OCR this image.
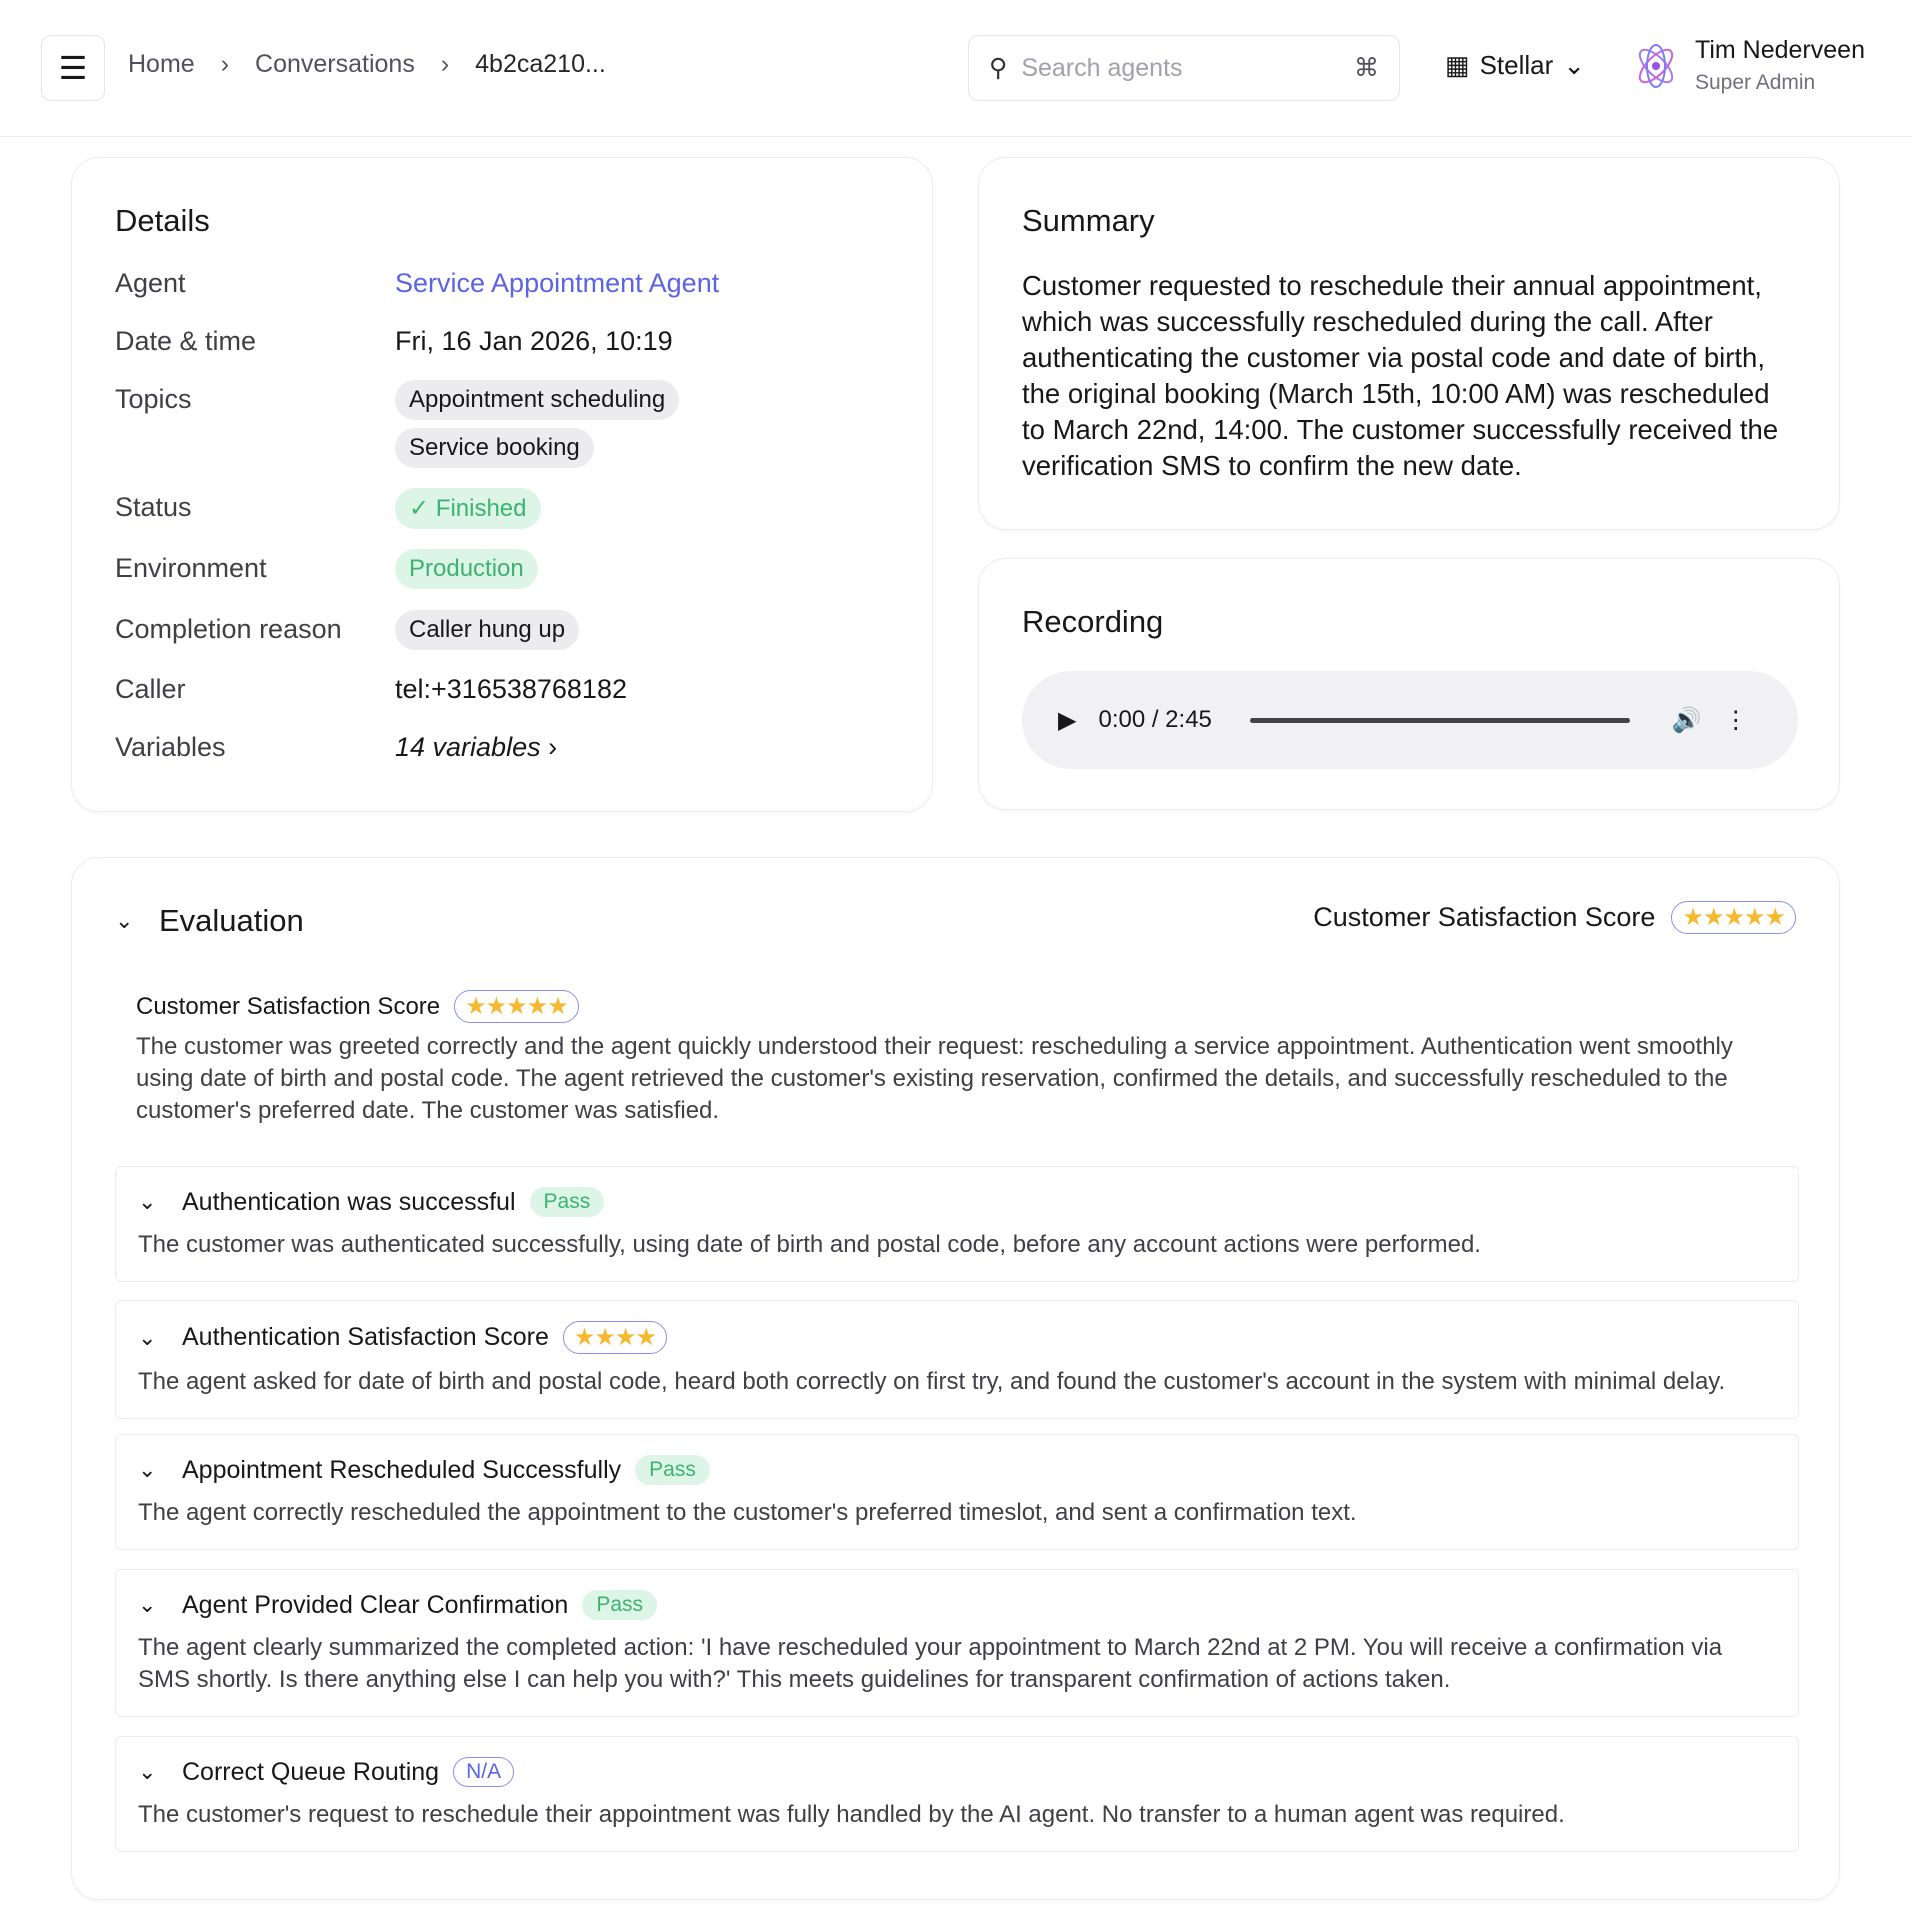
☰ Home › Conversations › 4b2ca210...	⚲ Search agents	⌘	▦ Stellar ⌄	Tim Nederveen
Super Admin
Details
Agent	Service Appointment Agent
Date & time	Fri, 16 Jan 2026, 10:19
Topics	Appointment scheduling
Service booking
Status	✓ Finished
Environment	Production
Completion reason	Caller hung up
Caller	tel:+316538768182
Variables	14 variables ›
Summary
Customer requested to reschedule their annual appointment, which was successfully rescheduled during the call. After authenticating the customer via postal code and date of birth, the original booking (March 15th, 10:00 AM) was rescheduled to March 22nd, 14:00. The customer successfully received the verification SMS to confirm the new date.
Recording
▶ 0:00 / 2:45	🔊 ⋮
⌄ Evaluation	Customer Satisfaction Score	★★★★★
Customer Satisfaction Score	★★★★★
The customer was greeted correctly and the agent quickly understood their request: rescheduling a service appointment. Authentication went smoothly using date of birth and postal code. The agent retrieved the customer's existing reservation, confirmed the details, and successfully rescheduled to the customer's preferred date. The customer was satisfied.
⌄	Authentication was successful	Pass
The customer was authenticated successfully, using date of birth and postal code, before any account actions were performed.
⌄	Authentication Satisfaction Score	★★★★
The agent asked for date of birth and postal code, heard both correctly on first try, and found the customer's account in the system with minimal delay.
⌄	Appointment Rescheduled Successfully	Pass
The agent correctly rescheduled the appointment to the customer's preferred timeslot, and sent a confirmation text.
⌄	Agent Provided Clear Confirmation	Pass
The agent clearly summarized the completed action: 'I have rescheduled your appointment to March 22nd at 2 PM. You will receive a confirmation via SMS shortly. Is there anything else I can help you with?' This meets guidelines for transparent confirmation of actions taken.
⌄	Correct Queue Routing	N/A
The customer's request to reschedule their appointment was fully handled by the AI agent. No transfer to a human agent was required.
